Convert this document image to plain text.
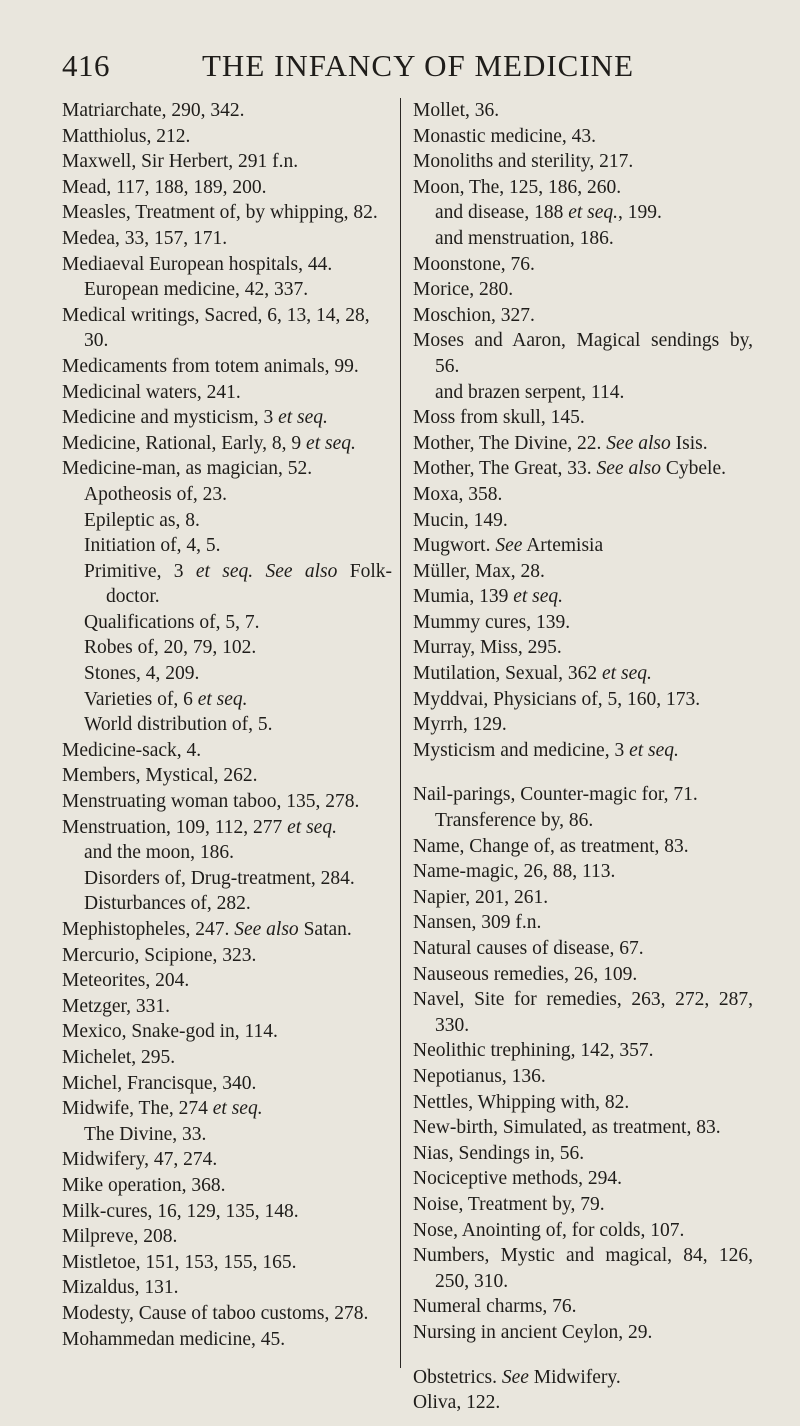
416	THE INFANCY OF MEDICINE
Matriarchate, 290, 342.
Matthiolus, 212.
Maxwell, Sir Herbert, 291 f.n.
Mead, 117, 188, 189, 200.
Measles, Treatment of, by whipping, 82.
Medea, 33, 157, 171.
Mediaeval European hospitals, 44.
European medicine, 42, 337.
Medical writings, Sacred, 6, 13, 14, 28, 30.
Medicaments from totem animals, 99.
Medicinal waters, 241.
Medicine and mysticism, 3 et seq.
Medicine, Rational, Early, 8, 9 et seq.
Medicine-man, as magician, 52.
Apotheosis of, 23.
Epileptic as, 8.
Initiation of, 4, 5.
Primitive, 3 et seq. See also Folk-doctor.
Qualifications of, 5, 7.
Robes of, 20, 79, 102.
Stones, 4, 209.
Varieties of, 6 et seq.
World distribution of, 5.
Medicine-sack, 4.
Members, Mystical, 262.
Menstruating woman taboo, 135, 278.
Menstruation, 109, 112, 277 et seq.
and the moon, 186.
Disorders of, Drug-treatment, 284.
Disturbances of, 282.
Mephistopheles, 247. See also Satan.
Mercurio, Scipione, 323.
Meteorites, 204.
Metzger, 331.
Mexico, Snake-god in, 114.
Michelet, 295.
Michel, Francisque, 340.
Midwife, The, 274 et seq.
The Divine, 33.
Midwifery, 47, 274.
Mike operation, 368.
Milk-cures, 16, 129, 135, 148.
Milpreve, 208.
Mistletoe, 151, 153, 155, 165.
Mizaldus, 131.
Modesty, Cause of taboo customs, 278.
Mohammedan medicine, 45.
Mollet, 36.
Monastic medicine, 43.
Monoliths and sterility, 217.
Moon, The, 125, 186, 260.
and disease, 188 et seq., 199.
and menstruation, 186.
Moonstone, 76.
Morice, 280.
Moschion, 327.
Moses and Aaron, Magical sendings by, 56.
and brazen serpent, 114.
Moss from skull, 145.
Mother, The Divine, 22. See also Isis.
Mother, The Great, 33. See also Cybele.
Moxa, 358.
Mucin, 149.
Mugwort. See Artemisia
Müller, Max, 28.
Mumia, 139 et seq.
Mummy cures, 139.
Murray, Miss, 295.
Mutilation, Sexual, 362 et seq.
Myddvai, Physicians of, 5, 160, 173.
Myrrh, 129.
Mysticism and medicine, 3 et seq.
Nail-parings, Counter-magic for, 71.
Transference by, 86.
Name, Change of, as treatment, 83.
Name-magic, 26, 88, 113.
Napier, 201, 261.
Nansen, 309 f.n.
Natural causes of disease, 67.
Nauseous remedies, 26, 109.
Navel, Site for remedies, 263, 272, 287, 330.
Neolithic trephining, 142, 357.
Nepotianus, 136.
Nettles, Whipping with, 82.
New-birth, Simulated, as treatment, 83.
Nias, Sendings in, 56.
Nociceptive methods, 294.
Noise, Treatment by, 79.
Nose, Anointing of, for colds, 107.
Numbers, Mystic and magical, 84, 126, 250, 310.
Numeral charms, 76.
Nursing in ancient Ceylon, 29.
Obstetrics. See Midwifery.
Oliva, 122.
